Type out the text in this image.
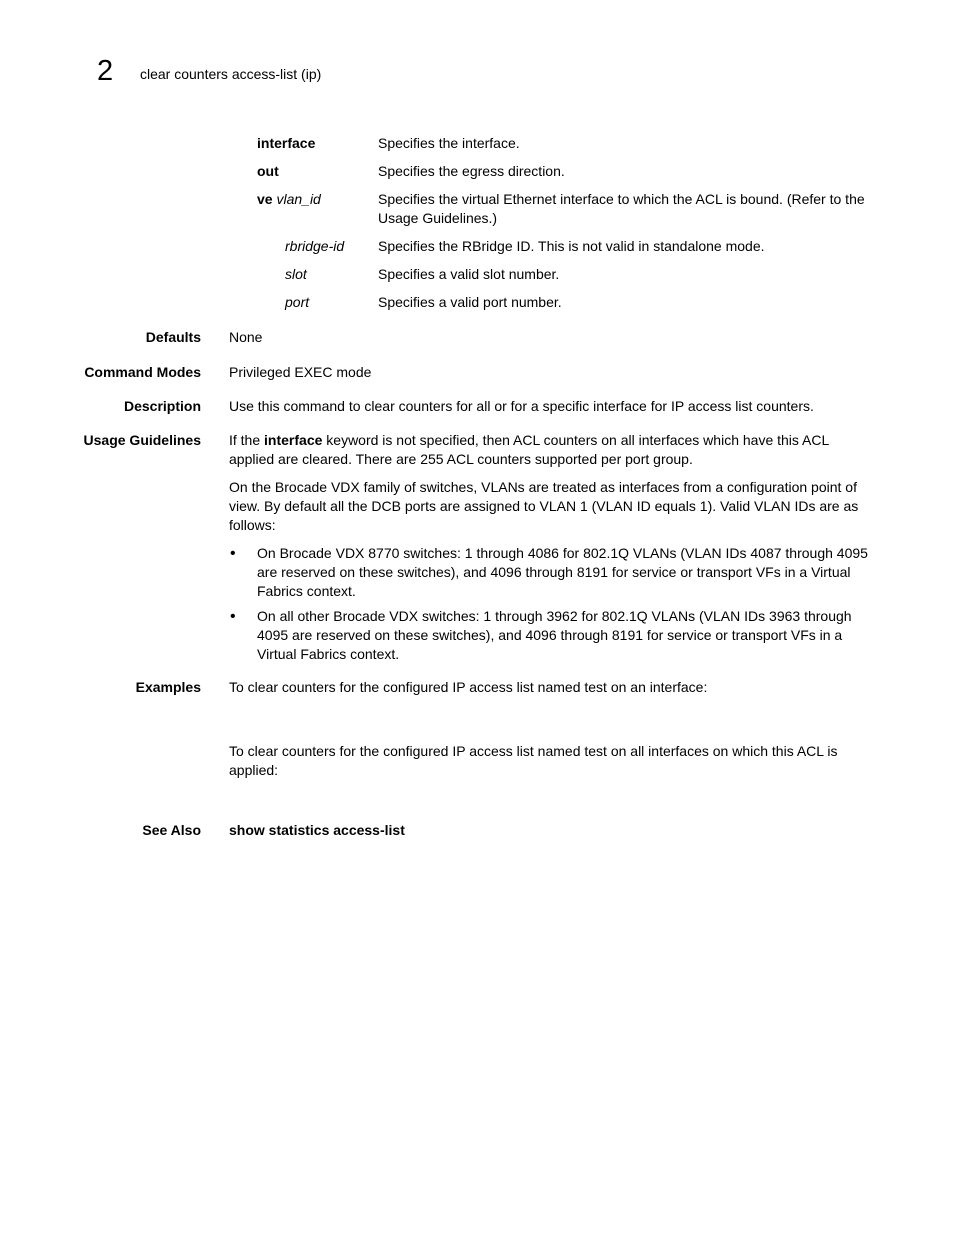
2 clear counters access-list (ip)
interface	Specifies the interface.
out	Specifies the egress direction.
ve vlan_id	Specifies the virtual Ethernet interface to which the ACL is bound. (Refer to the Usage Guidelines.)
rbridge-id Specifies the RBridge ID. This is not valid in standalone mode.
slot	Specifies a valid slot number.
port	Specifies a valid port number.
Defaults None
Command Modes Privileged EXEC mode
Description Use this command to clear counters for all or for a specific interface for IP access list counters.
Usage Guidelines If the interface keyword is not specified, then ACL counters on all interfaces which have this ACL applied are cleared. There are 255 ACL counters supported per port group.

On the Brocade VDX family of switches, VLANs are treated as interfaces from a configuration point of view. By default all the DCB ports are assigned to VLAN 1 (VLAN ID equals 1). Valid VLAN IDs are as follows:

• On Brocade VDX 8770 switches: 1 through 4086 for 802.1Q VLANs (VLAN IDs 4087 through 4095 are reserved on these switches), and 4096 through 8191 for service or transport VFs in a Virtual Fabrics context.
• On all other Brocade VDX switches: 1 through 3962 for 802.1Q VLANs (VLAN IDs 3963 through 4095 are reserved on these switches), and 4096 through 8191 for service or transport VFs in a Virtual Fabrics context.
Examples To clear counters for the configured IP access list named test on an interface:

To clear counters for the configured IP access list named test on all interfaces on which this ACL is applied:

See Also show statistics access-list
